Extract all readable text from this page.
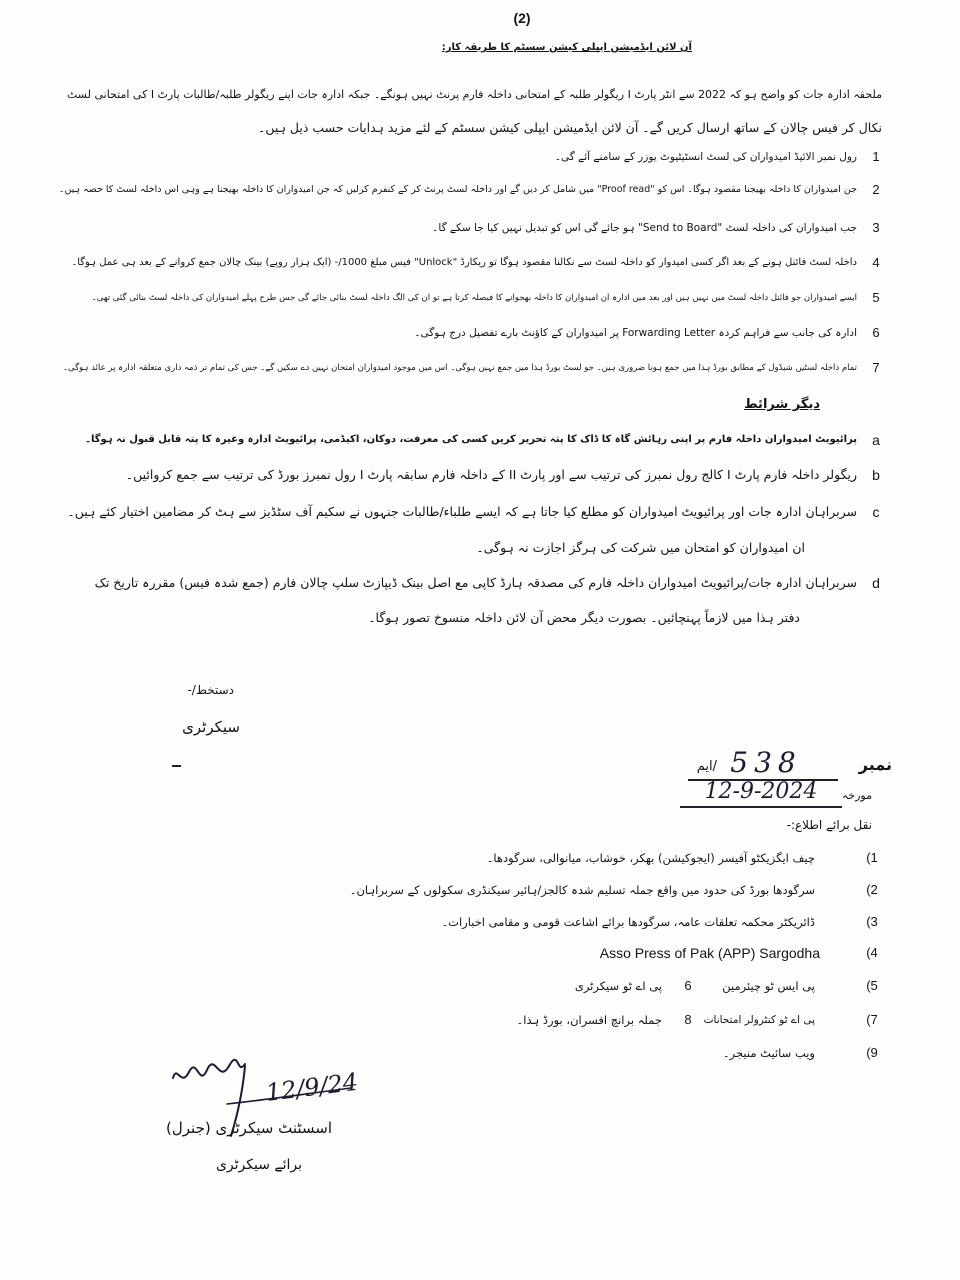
(2)
آن لائن ایڈمیشن ایپلی کیشن سسٹم کا طریقہ کار:
ملحقہ ادارہ جات کو واضح ہو کہ 2022 سے انٹر پارٹ I ریگولر طلبہ کے امتحانی داخلہ فارم پرنٹ نہیں ہونگے۔ جبکہ ادارہ جات اپنے ریگولر طلبہ/طالبات پارٹ I کی امتحانی لسٹ
نکال کر فیس چالان کے ساتھ ارسال کریں گے۔ آن لائن ایڈمیشن ایپلی کیشن سسٹم کے لئے مزید ہدایات حسب ذیل ہیں۔
1
رول نمبر الائیڈ امیدواران کی لسٹ انسٹیٹیوٹ یوزر کے سامنے آئے گی۔
2
جن امیدواران کا داخلہ بھیجنا مقصود ہوگا۔ اس کو "Proof read" میں شامل کر دیں گے اور داخلہ لسٹ پرنٹ کر کے کنفرم کرلیں کہ جن امیدواران کا داخلہ بھیجنا ہے وہی اس داخلہ لسٹ کا حصہ ہیں۔
3
جب امیدواران کی داخلہ لسٹ "Send to Board" ہو جائے گی اس کو تبدیل نہیں کیا جا سکے گا۔
4
داخلہ لسٹ فائنل ہونے کے بعد اگر کسی امیدوار کو داخلہ لسٹ سے نکالنا مقصود ہوگا تو ریکارڈ "Unlock" فیس مبلغ 1000/- (ایک ہزار روپے) بینک چالان جمع کروانے کے بعد ہی عمل ہوگا۔
5
ایسے امیدواران جو فائنل داخلہ لسٹ میں نہیں ہیں اور بعد میں ادارہ ان امیدواران کا داخلہ بھجوانے کا فیصلہ کرتا ہے تو ان کی الگ داخلہ لسٹ بنائی جائے گی جس طرح پہلے امیدواران کی داخلہ لسٹ بنائی گئی تھی۔
6
ادارہ کی جانب سے فراہم کردہ Forwarding Letter پر امیدواران کے کاؤنٹ بارے تفصیل درج ہوگی۔
7
تمام داخلہ لسٹیں شیڈول کے مطابق بورڈ ہذا میں جمع ہونا ضروری ہیں۔ جو لسٹ بورڈ ہذا میں جمع نہیں ہوگی۔ اس میں موجود امیدواران امتحان نہیں دے سکیں گے۔ جس کی تمام تر ذمہ داری متعلقہ ادارہ پر عائد ہوگی۔
دیگر شرائط
a
پرائیویٹ امیدواران داخلہ فارم پر اپنی رہائش گاہ کا ڈاک کا پتہ تحریر کریں کسی کی معرفت، دوکان، اکیڈمی، پرائیویٹ ادارہ وغیرہ کا پتہ قابل قبول نہ ہوگا۔
b
ریگولر داخلہ فارم پارٹ I کالج رول نمبرز کی ترتیب سے اور پارٹ II کے داخلہ فارم سابقہ پارٹ I رول نمبرز بورڈ کی ترتیب سے جمع کروائیں۔
c
سربراہان ادارہ جات اور پرائیویٹ امیدواران کو مطلع کیا جاتا ہے کہ ایسے طلباء/طالبات جنہوں نے سکیم آف سٹڈیز سے ہٹ کر مضامین اختیار کئے ہیں۔
ان امیدواران کو امتحان میں شرکت کی ہرگز اجازت نہ ہوگی۔
d
سربراہان ادارہ جات/پرائیویٹ امیدواران داخلہ فارم کی مصدقہ ہارڈ کاپی مع اصل بینک ڈیپازٹ سلپ چالان فارم (جمع شدہ فیس) مقررہ تاریخ تک
دفتر ہذا میں لازماً پہنچائیں۔ بصورت دیگر محض آن لائن داخلہ منسوخ تصور ہوگا۔
دستخط/-
سیکرٹری
نمبر
538
/ایم
مورخہ
12-9-2024
نقل برائے اطلاع:-
(1
چیف ایگزیکٹو آفیسر (ایجوکیشن) بھکر، خوشاب، میانوالی، سرگودھا۔
(2
سرگودھا بورڈ کی حدود میں واقع جملہ تسلیم شدہ کالجز/ہائیر سیکنڈری سکولوں کے سربراہان۔
(3
ڈائریکٹر محکمہ تعلقات عامہ، سرگودھا برائے اشاعت قومی و مقامی اخبارات۔
(4
Asso Press of Pak (APP) Sargodha
(5
پی ایس ٹو چیئرمین
6
پی اے ٹو سیکرٹری
(7
پی اے ٹو کنٹرولر امتحانات
8
جملہ برانچ افسران، بورڈ ہذا۔
(9
ویب سائیٹ منیجر۔
12/9/24
اسسٹنٹ سیکرٹری (جنرل)
برائے سیکرٹری
